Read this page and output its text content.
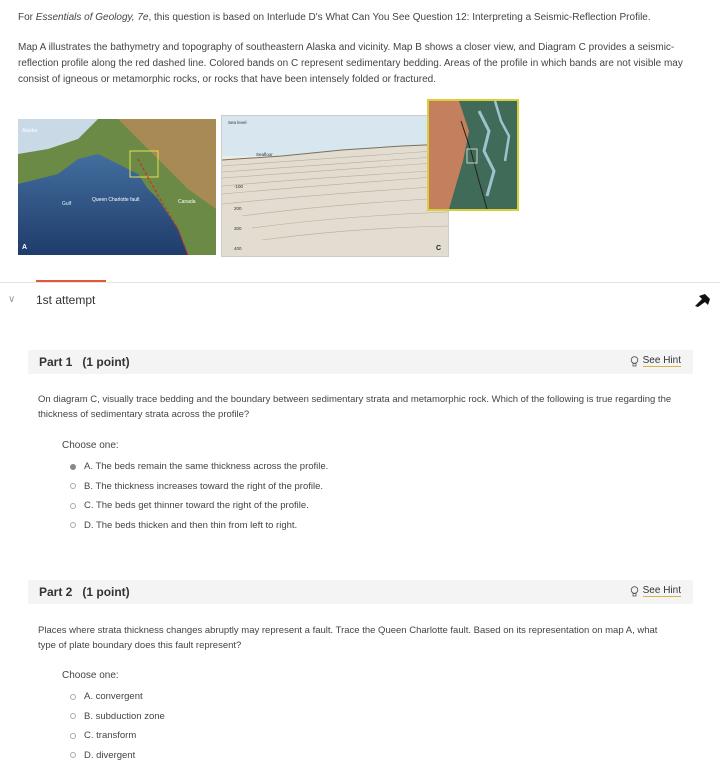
For Essentials of Geology, 7e, this question is based on Interlude D's What Can You See Question 12: Interpreting a Seismic-Reflection Profile.

Map A illustrates the bathymetry and topography of southeastern Alaska and vicinity. Map B shows a closer view, and Diagram C provides a seismic-reflection profile along the red dashed line. Colored bands on C represent sedimentary bedding. Areas of the profile in which bands are not visible may consist of igneous or metamorphic rocks, or rocks that have been intensely folded or fractured.

Alaska
Canada
Queen Charlotte fault
Gulf
A
Sea level
Seafloor
-100
200
300
400	C
∨ 1st attempt
Part 1   (1 point)	See Hint
On diagram C, visually trace bedding and the boundary between sedimentary strata and metamorphic rock. Which of the following is true regarding the thickness of sedimentary strata across the profile?
Choose one:
A. The beds remain the same thickness across the profile.
B. The thickness increases toward the right of the profile.
C. The beds get thinner toward the right of the profile.
D. The beds thicken and then thin from left to right.
Part 2   (1 point)	See Hint
Places where strata thickness changes abruptly may represent a fault. Trace the Queen Charlotte fault. Based on its representation on map A, what type of plate boundary does this fault represent?
Choose one:
A. convergent
B. subduction zone
C. transform
D. divergent
